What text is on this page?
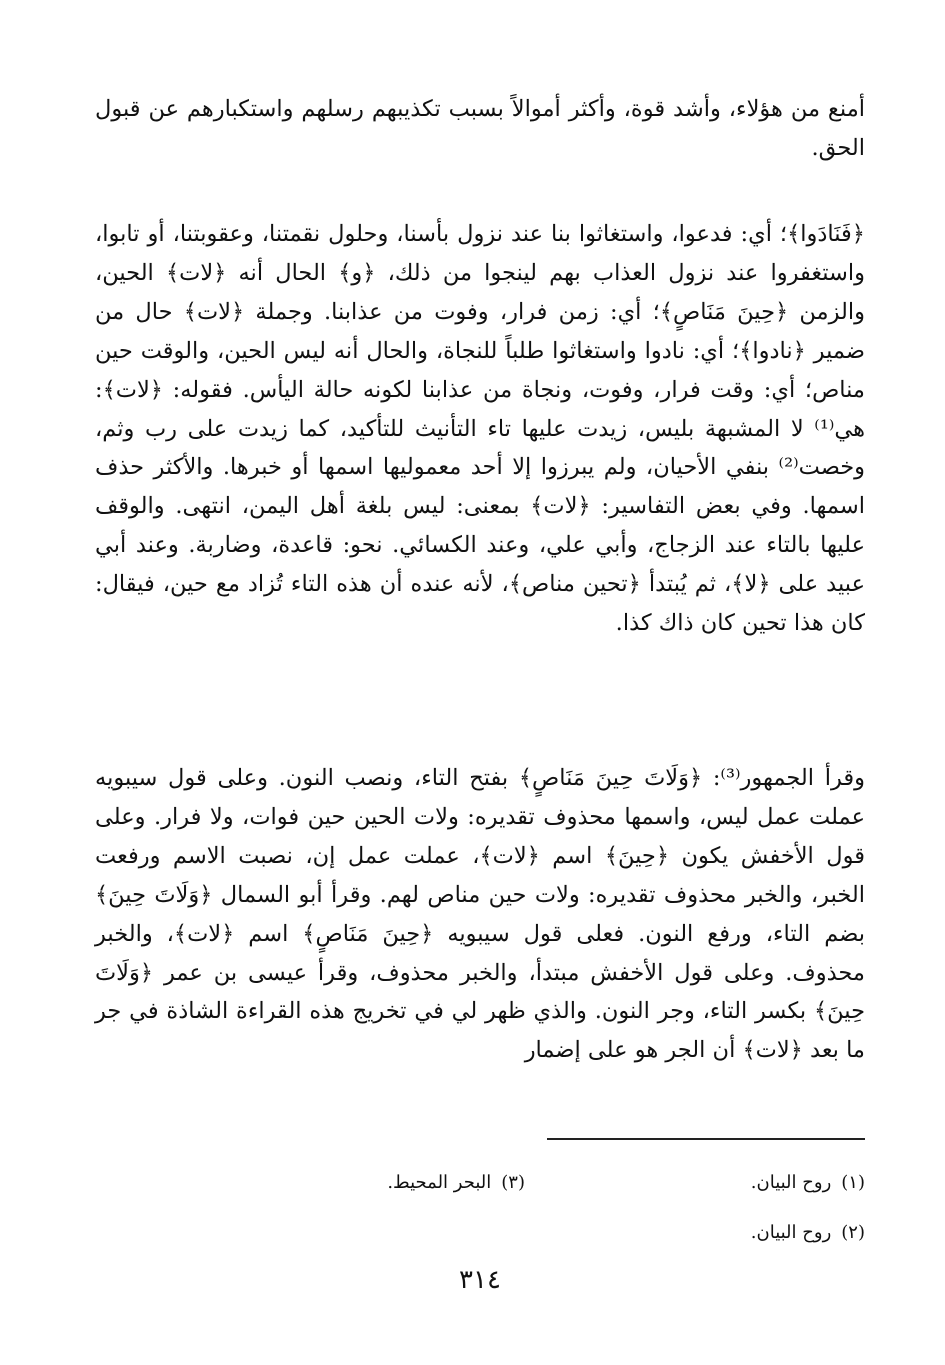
أمنع من هؤلاء، وأشد قوة، وأكثر أموالاً بسبب تكذيبهم رسلهم واستكبارهم عن قبول الحق.

﴿فَنَادَوا﴾؛ أي: فدعوا، واستغاثوا بنا عند نزول بأسنا، وحلول نقمتنا، وعقوبتنا، أو تابوا، واستغفروا عند نزول العذاب بهم لينجوا من ذلك، ﴿و﴾ الحال أنه ﴿لات﴾ الحين، والزمن ﴿حِينَ مَنَاصٍ﴾؛ أي: زمن فرار، وفوت من عذابنا. وجملة ﴿لات﴾ حال من ضمير ﴿نادوا﴾؛ أي: نادوا واستغاثوا طلباً للنجاة، والحال أنه ليس الحين، والوقت حين مناص؛ أي: وقت فرار، وفوت، ونجاة من عذابنا لكونه حالة اليأس. فقوله: ﴿لات﴾: هي⁽¹⁾ لا المشبهة بليس، زيدت عليها تاء التأنيث للتأكيد، كما زيدت على رب وثم، وخصت⁽²⁾ بنفي الأحيان، ولم يبرزوا إلا أحد معموليها اسمها أو خبرها. والأكثر حذف اسمها. وفي بعض التفاسير: ﴿لات﴾ بمعنى: ليس بلغة أهل اليمن، انتهى. والوقف عليها بالتاء عند الزجاج، وأبي علي، وعند الكسائي. نحو: قاعدة، وضاربة. وعند أبي عبيد على ﴿لا﴾، ثم يُبتدأ ﴿تحين مناص﴾، لأنه عنده أن هذه التاء تُزاد مع حين، فيقال: كان هذا تحين كان ذاك كذا.

وقرأ الجمهور⁽³⁾: ﴿وَلَاتَ حِينَ مَنَاصٍ﴾ بفتح التاء، ونصب النون. وعلى قول سيبويه عملت عمل ليس، واسمها محذوف تقديره: ولات الحين حين فوات، ولا فرار. وعلى قول الأخفش يكون ﴿حِينَ﴾ اسم ﴿لات﴾، عملت عمل إن، نصبت الاسم ورفعت الخبر، والخبر محذوف تقديره: ولات حين مناص لهم. وقرأ أبو السمال ﴿وَلَاتَ حِينَ﴾ بضم التاء، ورفع النون. فعلى قول سيبويه ﴿حِينَ مَنَاصٍ﴾ اسم ﴿لات﴾، والخبر محذوف. وعلى قول الأخفش مبتدأ، والخبر محذوف، وقرأ عيسى بن عمر ﴿وَلَاتَ حِينَ﴾ بكسر التاء، وجر النون. والذي ظهر لي في تخريج هذه القراءة الشاذة في جر ما بعد ﴿لات﴾ أن الجر هو على إضمار

(١)روح البيان.
(٣)البحر المحيط.
(٢)روح البيان.
٣١٤
